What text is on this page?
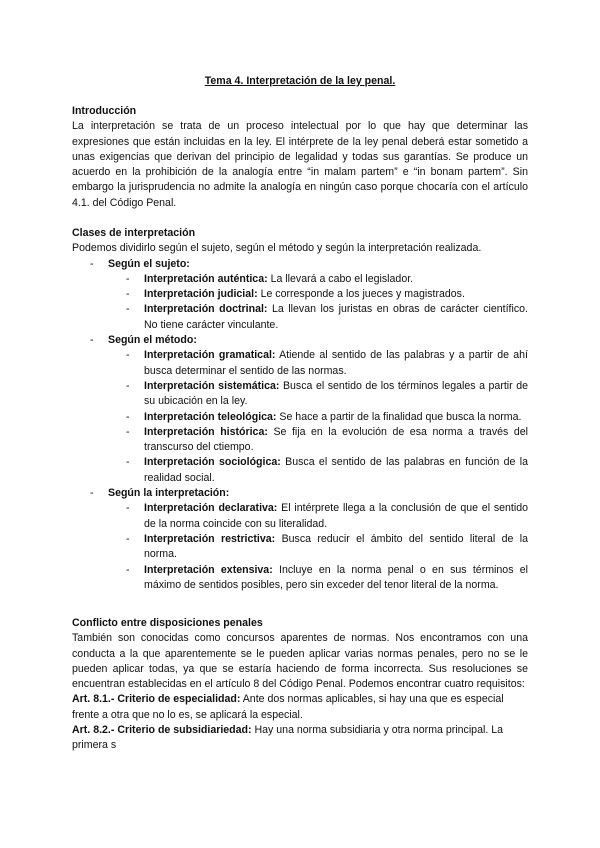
Tema 4. Interpretación de la ley penal.
Introducción
La interpretación se trata de un proceso intelectual por lo que hay que determinar las expresiones que están incluidas en la ley. El intérprete de la ley penal deberá estar sometido a unas exigencias que derivan del principio de legalidad y todas sus garantías. Se produce un acuerdo en la prohibición de la analogía entre “in malam partem” e “in bonam partem”. Sin embargo la jurisprudencia no admite la analogía en ningún caso porque chocaría con el artículo 4.1. del Código Penal.
Clases de interpretación
Podemos dividirlo según el sujeto, según el método y según la interpretación realizada.
- Según el sujeto:
- Interpretación auténtica: La llevará a cabo el legislador.
- Interpretación judicial: Le corresponde a los jueces y magistrados.
- Interpretación doctrinal: La llevan los juristas en obras de carácter científico. No tiene carácter vinculante.
- Según el método:
- Interpretación gramatical: Atiende al sentido de las palabras y a partir de ahí busca determinar el sentido de las normas.
- Interpretación sistemática: Busca el sentido de los términos legales a partir de su ubicación en la ley.
- Interpretación teleológica: Se hace a partir de la finalidad que busca la norma.
- Interpretación histórica: Se fija en la evolución de esa norma a través del transcurso del ctiempo.
- Interpretación sociológica: Busca el sentido de las palabras en función de la realidad social.
- Según la interpretación:
- Interpretación declarativa: El intérprete llega a la conclusión de que el sentido de la norma coincide con su literalidad.
- Interpretación restrictiva: Busca reducir el ámbito del sentido literal de la norma.
- Interpretación extensiva: Incluye en la norma penal o en sus términos el máximo de sentidos posibles, pero sin exceder del tenor literal de la norma.
Conflicto entre disposiciones penales
También son conocidas como concursos aparentes de normas. Nos encontramos con una conducta a la que aparentemente se le pueden aplicar varias normas penales, pero no se le pueden aplicar todas, ya que se estaría haciendo de forma incorrecta. Sus resoluciones se encuentran establecidas en el artículo 8 del Código Penal. Podemos encontrar cuatro requisitos:
Art. 8.1.- Criterio de especialidad: Ante dos normas aplicables, si hay una que es especial frente a otra que no lo es, se aplicará la especial.
Art. 8.2.- Criterio de subsidiariedad: Hay una norma subsidiaria y otra norma principal. La primera s
